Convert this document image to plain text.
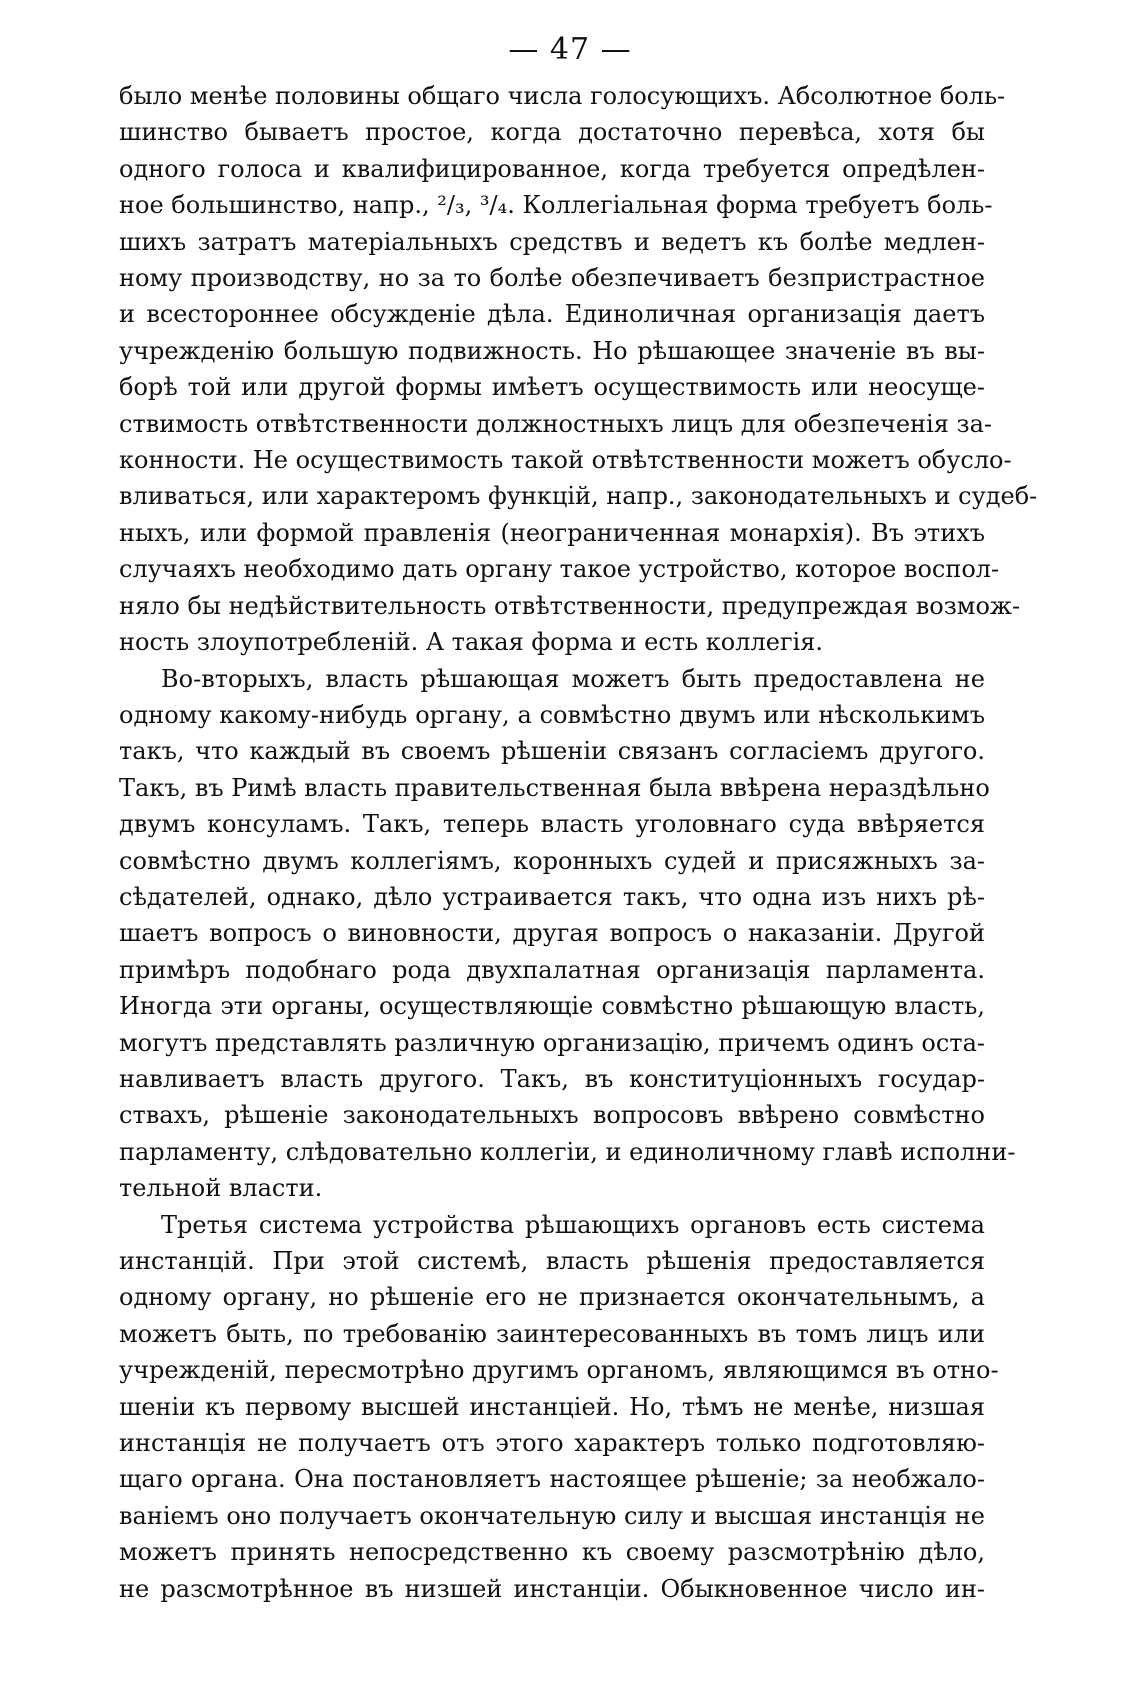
— 47 —
было менѣе половины общаго числа голосующихъ. Абсолютное боль-
шинство бываетъ простое, когда достаточно перевѣса, хотя бы
одного голоса и квалифицированное, когда требуется опредѣлен-
ное большинство, напр., ²/₃, ³/₄. Коллегіальная форма требуетъ боль-
шихъ затратъ матеріальныхъ средствъ и ведетъ къ болѣе медлен-
ному производству, но за то болѣе обезпечиваетъ безпристрастное
и всестороннее обсужденіе дѣла. Единоличная организація даетъ
учрежденію большую подвижность. Но рѣшающее значеніе въ вы-
борѣ той или другой формы имѣетъ осуществимость или неосуще-
ствимость отвѣтственности должностныхъ лицъ для обезпеченія за-
конности. Не осуществимость такой отвѣтственности можетъ обусло-
вливаться, или характеромъ функцій, напр., законодательныхъ и судеб-
ныхъ, или формой правленія (неограниченная монархія). Въ этихъ
случаяхъ необходимо дать органу такое устройство, которое воспол-
няло бы недѣйствительность отвѣтственности, предупреждая возмож-
ность злоупотребленій. А такая форма и есть коллегія.
Во-вторыхъ, власть рѣшающая можетъ быть предоставлена не
одному какому-нибудь органу, а совмѣстно двумъ или нѣсколькимъ
такъ, что каждый въ своемъ рѣшеніи связанъ согласіемъ другого.
Такъ, въ Римѣ власть правительственная была ввѣрена нераздѣльно
двумъ консуламъ. Такъ, теперь власть уголовнаго суда ввѣряется
совмѣстно двумъ коллегіямъ, коронныхъ судей и присяжныхъ за-
сѣдателей, однако, дѣло устраивается такъ, что одна изъ нихъ рѣ-
шаетъ вопросъ о виновности, другая вопросъ о наказаніи. Другой
примѣръ подобнаго рода двухпалатная организація парламента.
Иногда эти органы, осуществляющіе совмѣстно рѣшающую власть,
могутъ представлять различную организацію, причемъ одинъ оста-
навливаетъ власть другого. Такъ, въ конституціонныхъ государ-
ствахъ, рѣшеніе законодательныхъ вопросовъ ввѣрено совмѣстно
парламенту, слѣдовательно коллегіи, и единоличному главѣ исполни-
тельной власти.
Третья система устройства рѣшающихъ органовъ есть система
инстанцій. При этой системѣ, власть рѣшенія предоставляется
одному органу, но рѣшеніе его не признается окончательнымъ, а
можетъ быть, по требованію заинтересованныхъ въ томъ лицъ или
учрежденій, пересмотрѣно другимъ органомъ, являющимся въ отно-
шеніи къ первому высшей инстанціей. Но, тѣмъ не менѣе, низшая
инстанція не получаетъ отъ этого характеръ только подготовляю-
щаго органа. Она постановляетъ настоящее рѣшеніе; за необжало-
ваніемъ оно получаетъ окончательную силу и высшая инстанція не
можетъ принять непосредственно къ своему разсмотрѣнію дѣло,
не разсмотрѣнное въ низшей инстанціи. Обыкновенное число ин-
